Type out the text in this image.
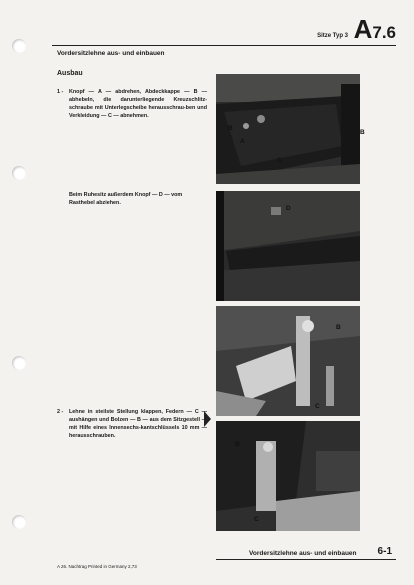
Sitze Typ 3 A7.6
Vordersitzlehne aus- und einbauen
Ausbau
1 - Knopf — A — abdrehen, Abdeckkappe — B — abhebeln, die darunterliegende Kreuzschlitz-schraube mit Unterlegscheibe herausschrau-ben und Verkleidung — C — abnehmen.
Beim Ruhesitz außerdem Knopf — D — vom Rasthebel abziehen.
2 - Lehne in steilste Stellung klappen, Federn — C — aushängen und Bolzen — B — aus dem Sitzgestell — mit Hilfe eines Innensechs-kantschlüssels 10 mm — herausschrauben.
B
A
C
B
D
B
C
B
C
Vordersitzlehne aus- und einbauen 6-1
A 26. Nachtrag Printed in Germany 2,73
